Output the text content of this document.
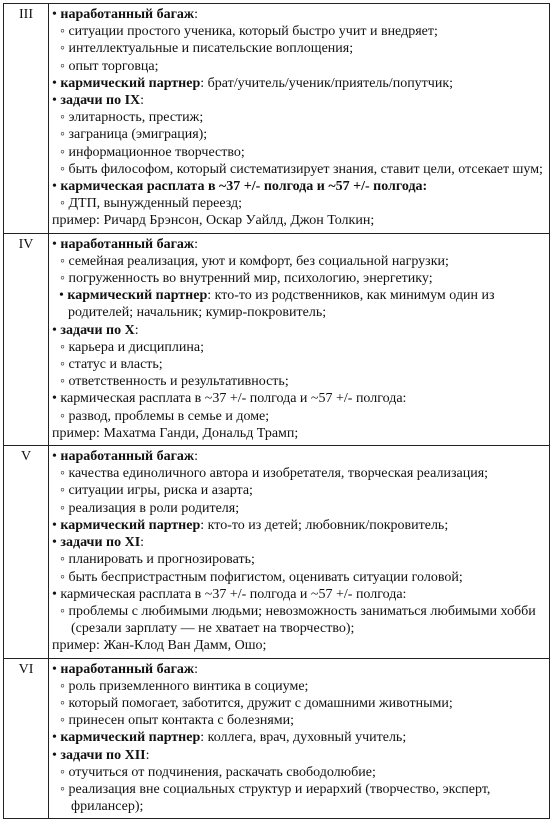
III	• наработанный багаж:
◦ ситуации простого ученика, который быстро учит и внедряет;
◦ интеллектуальные и писательские воплощения;
◦ опыт торговца;
• кармический партнер: брат/учитель/ученик/приятель/попутчик;
• задачи по IX:
◦ элитарность, престиж;
◦ заграница (эмиграция);
◦ информационное творчество;
◦ быть философом, который систематизирует знания, ставит цели, отсекает шум;
• кармическая расплата в ~37 +/- полгода и ~57 +/- полгода:
◦ ДТП, вынужденный переезд;
пример: Ричард Брэнсон, Оскар Уайлд, Джон Толкин;
IV	• наработанный багаж:
◦ семейная реализация, уют и комфорт, без социальной нагрузки;
◦ погруженность во внутренний мир, психологию, энергетику;
• кармический партнер: кто-то из родственников, как минимум один из родителей; начальник; кумир-покровитель;
• задачи по X:
◦ карьера и дисциплина;
◦ статус и власть;
◦ ответственность и результативность;
• кармическая расплата в ~37 +/- полгода и ~57 +/- полгода:
◦ развод, проблемы в семье и доме;
пример: Махатма Ганди, Дональд Трамп;
V	• наработанный багаж:
◦ качества единоличного автора и изобретателя, творческая реализация;
◦ ситуации игры, риска и азарта;
◦ реализация в роли родителя;
• кармический партнер: кто-то из детей; любовник/покровитель;
• задачи по XI:
◦ планировать и прогнозировать;
◦ быть беспристрастным пофигистом, оценивать ситуации головой;
• кармическая расплата в ~37 +/- полгода и ~57 +/- полгода:
◦ проблемы с любимыми людьми; невозможность заниматься любимыми хобби (срезали зарплату — не хватает на творчество);
пример: Жан-Клод Ван Дамм, Ошо;
VI	• наработанный багаж:
◦ роль приземленного винтика в социуме;
◦ который помогает, заботится, дружит с домашними животными;
◦ принесен опыт контакта с болезнями;
• кармический партнер: коллега, врач, духовный учитель;
• задачи по XII:
◦ отучиться от подчинения, раскачать свободолюбие;
◦ реализация вне социальных структур и иерархий (творчество, эксперт, фрилансер);
